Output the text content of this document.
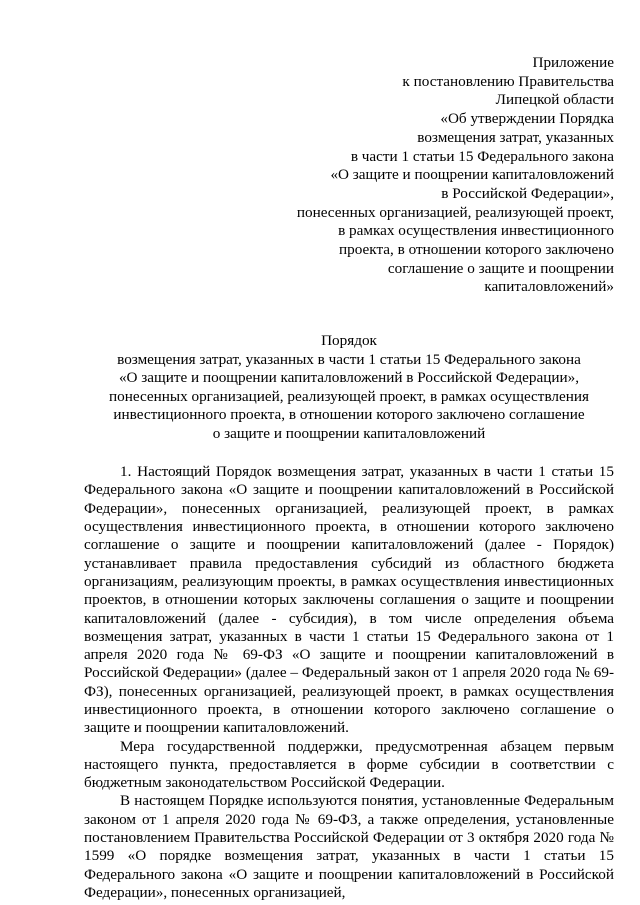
Приложение
к постановлению Правительства
Липецкой области
«Об утверждении Порядка
возмещения затрат, указанных
в части 1 статьи 15 Федерального закона
«О защите и поощрении капиталовложений
в Российской Федерации»,
понесенных организацией, реализующей проект,
в рамках осуществления инвестиционного
проекта, в отношении которого заключено
соглашение о защите и поощрении
капиталовложений»
Порядок
возмещения затрат, указанных в части 1 статьи 15 Федерального закона
«О защите и поощрении капиталовложений в Российской Федерации»,
понесенных организацией, реализующей проект, в рамках осуществления
инвестиционного проекта, в отношении которого заключено соглашение
о защите и поощрении капиталовложений

1. Настоящий Порядок возмещения затрат, указанных в части 1 статьи 15 Федерального закона «О защите и поощрении капиталовложений в Российской Федерации», понесенных организацией, реализующей проект, в рамках осуществления инвестиционного проекта, в отношении которого заключено соглашение о защите и поощрении капиталовложений (далее - Порядок) устанавливает правила предоставления субсидий из областного бюджета организациям, реализующим проекты, в рамках осуществления инвестиционных проектов, в отношении которых заключены соглашения о защите и поощрении капиталовложений (далее - субсидия), в том числе определения объема возмещения затрат, указанных в части 1 статьи 15 Федерального закона от 1 апреля 2020 года № 69-ФЗ «О защите и поощрении капиталовложений в Российской Федерации» (далее – Федеральный закон от 1 апреля 2020 года № 69-ФЗ), понесенных организацией, реализующей проект, в рамках осуществления инвестиционного проекта, в отношении которого заключено соглашение о защите и поощрении капиталовложений.

Мера государственной поддержки, предусмотренная абзацем первым настоящего пункта, предоставляется в форме субсидии в соответствии с бюджетным законодательством Российской Федерации.

В настоящем Порядке используются понятия, установленные Федеральным законом от 1 апреля 2020 года № 69-ФЗ, а также определения, установленные постановлением Правительства Российской Федерации от 3 октября 2020 года № 1599 «О порядке возмещения затрат, указанных в части 1 статьи 15 Федерального закона «О защите и поощрении капиталовложений в Российской Федерации», понесенных организацией,
